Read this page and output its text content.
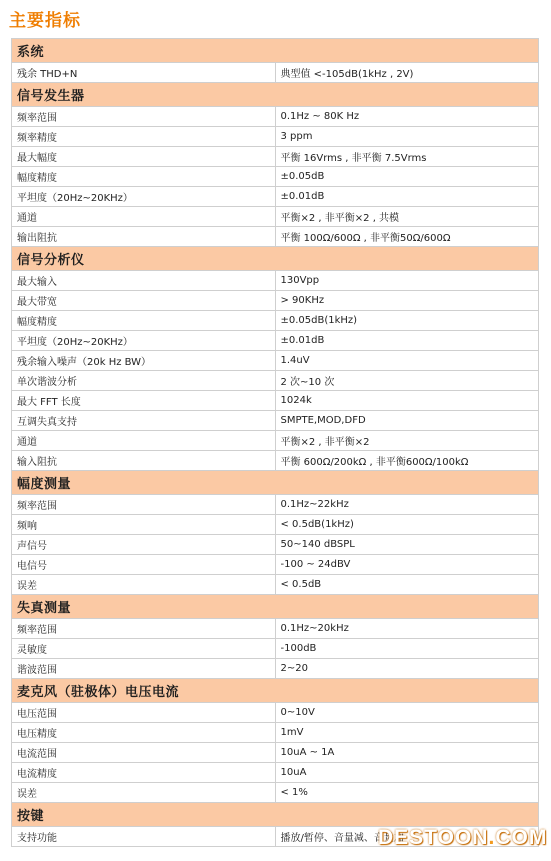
主要指标
系统	
残余 THD+N	典型值 <-105dB(1kHz , 2V)
信号发生器	
频率范围	0.1Hz ~ 80K Hz
频率精度	3 ppm
最大幅度	平衡 16Vrms , 非平衡 7.5Vrms
幅度精度	±0.05dB
平坦度（20Hz~20KHz）	±0.01dB
通道	平衡×2 , 非平衡×2 , 共模
输出阻抗	平衡 100Ω/600Ω , 非平衡50Ω/600Ω
信号分析仪	
最大输入	130Vpp
最大带宽	> 90KHz
幅度精度	±0.05dB(1kHz)
平坦度（20Hz~20KHz）	±0.01dB
残余输入噪声（20k Hz BW）	1.4uV
单次谐波分析	2 次~10 次
最大 FFT 长度	1024k
互调失真支持	SMPTE,MOD,DFD
通道	平衡×2 , 非平衡×2
输入阻抗	平衡 600Ω/200kΩ , 非平衡600Ω/100kΩ
幅度测量	
频率范围	0.1Hz~22kHz
频响	< 0.5dB(1kHz)
声信号	50~140 dBSPL
电信号	-100 ~ 24dBV
误差	< 0.5dB
失真测量	
频率范围	0.1Hz~20kHz
灵敏度	-100dB
谐波范围	2~20
麦克风（驻极体）电压电流	
电压范围	0~10V
电压精度	1mV
电流范围	10uA ~ 1A
电流精度	10uA
误差	< 1%
按键	
支持功能	播放/暂停、音量减、音量加
DESTOON.COM
